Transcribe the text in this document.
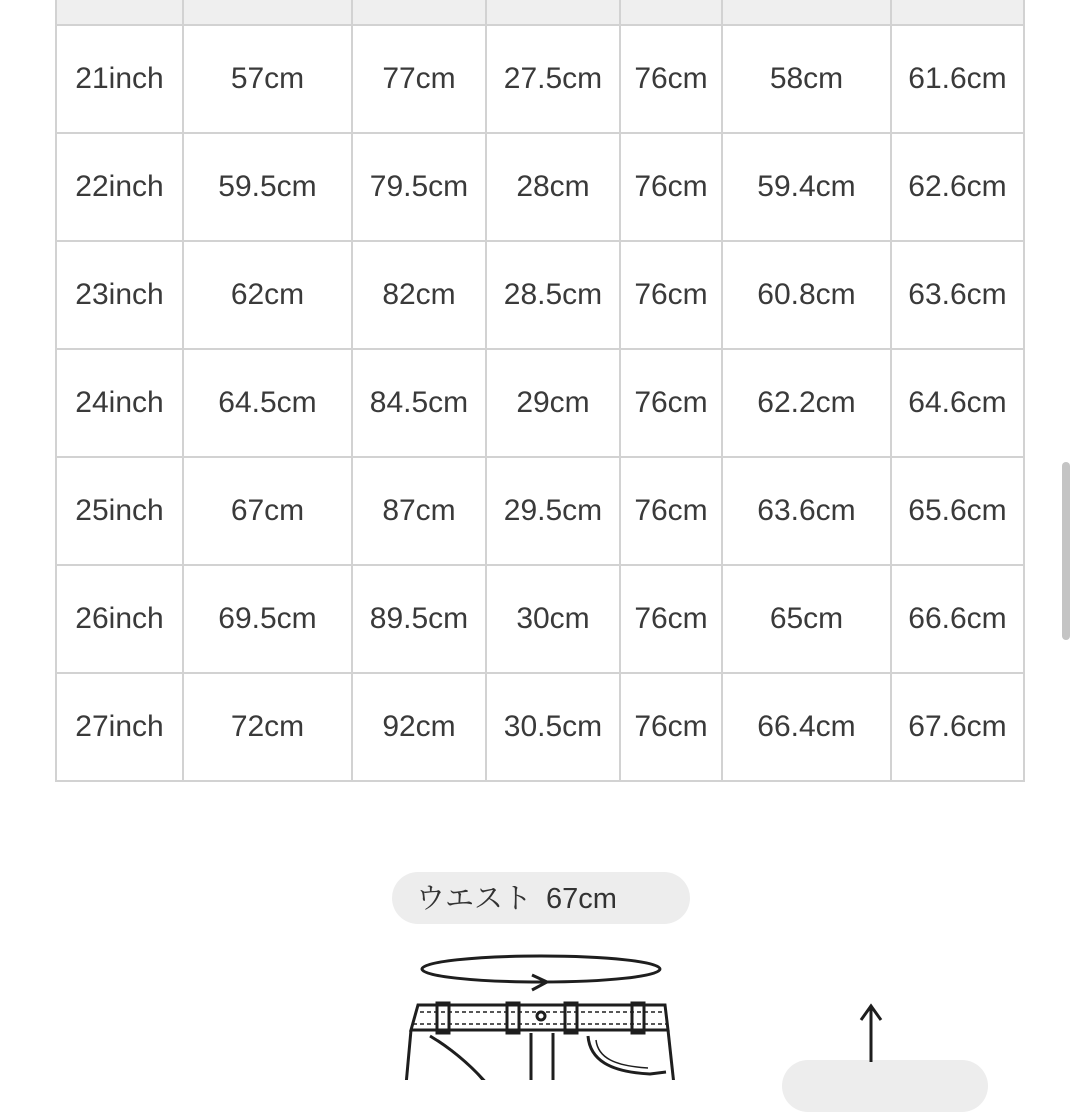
21inch	57cm	77cm	27.5cm	76cm	58cm	61.6cm
22inch	59.5cm	79.5cm	28cm	76cm	59.4cm	62.6cm
23inch	62cm	82cm	28.5cm	76cm	60.8cm	63.6cm
24inch	64.5cm	84.5cm	29cm	76cm	62.2cm	64.6cm
25inch	67cm	87cm	29.5cm	76cm	63.6cm	65.6cm
26inch	69.5cm	89.5cm	30cm	76cm	65cm	66.6cm
27inch	72cm	92cm	30.5cm	76cm	66.4cm	67.6cm
ウエスト 67cm
